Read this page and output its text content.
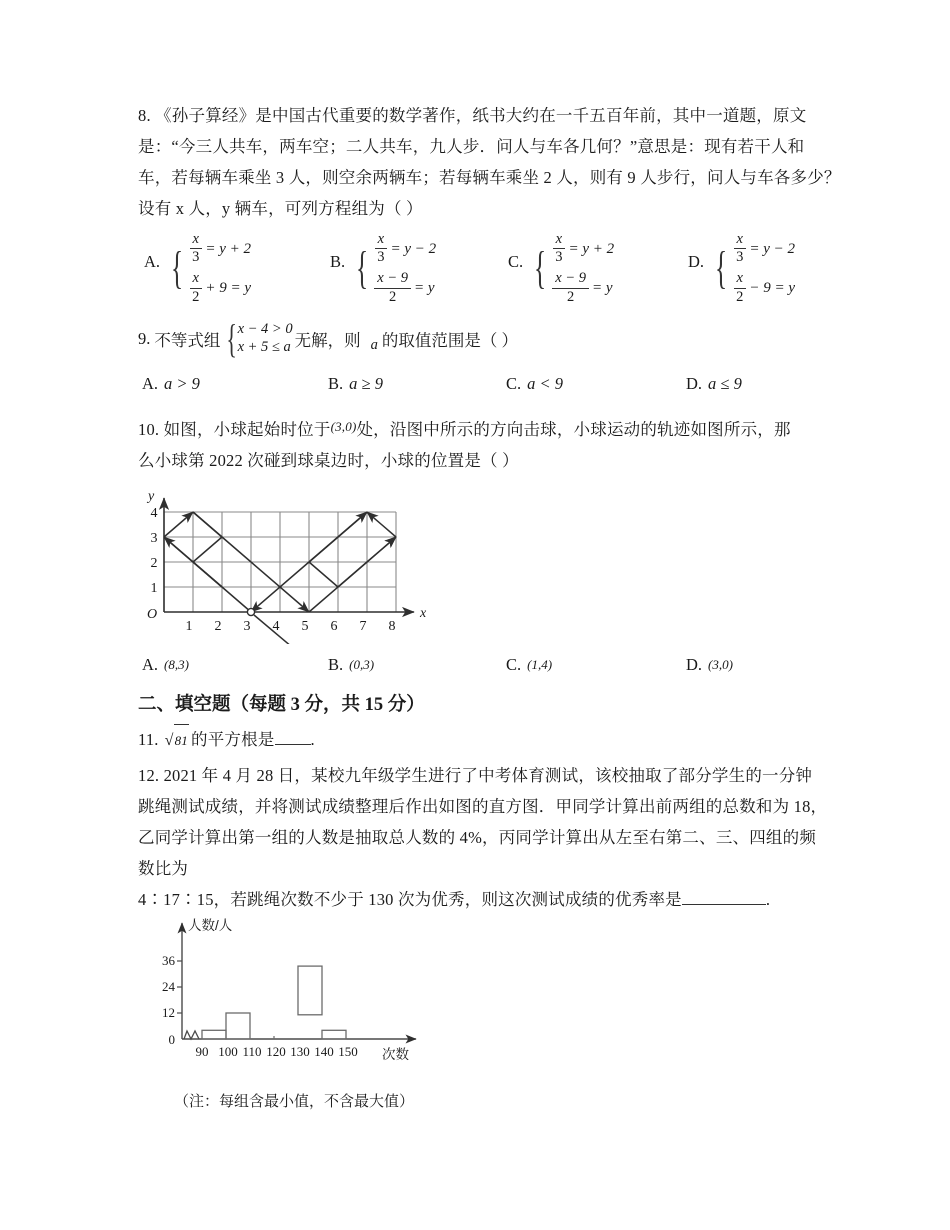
8. 《孙子算经》是中国古代重要的数学著作，纸书大约在一千五百年前，其中一道题，原文
是：“今三人共车，两车空；二人共车，九人步．问人与车各几何？”意思是：现有若干人和
车，若每辆车乘坐 3 人，则空余两辆车；若每辆车乘坐 2 人，则有 9 人步行，问人与车各多少？
设有 x 人，y 辆车，可列方程组为（ ）
A. { $\frac{x}{3} = y + 2$
$\frac{x}{2} + 9 = y$
B. { $\frac{x}{3} = y - 2$
$\frac{x - 9}{2} = y$
C. { $\frac{x}{3} = y + 2$
$\frac{x - 9}{2} = y$
D. { $\frac{x}{3} = y - 2$
$\frac{x}{2} - 9 = y$
9. 不等式组 { x − 4 > 0
x + 5 ≤ a 无解，则 a 的取值范围是（ ）
A. a > 9	B. a ≥ 9	C. a < 9	D. a ≤ 9
10. 如图，小球起始时位于$^{(3,0)}$处，沿图中所示的方向击球，小球运动的轨迹如图所示，那
么小球第 2022 次碰到球桌边时，小球的位置是（ ）
y
x
O
1 2 3 4 5 6 7 8
1
2
3
4
A. (8,3)	B. (0,3)	C. (1,4)	D. (3,0)
二、填空题（每题 3 分，共 15 分）
11. √ 81 的平方根是 .
12. 2021 年 4 月 28 日，某校九年级学生进行了中考体育测试，该校抽取了部分学生的一分钟
跳绳测试成绩，并将测试成绩整理后作出如图的直方图．甲同学计算出前两组的总数和为 18，
乙同学计算出第一组的人数是抽取总人数的 4%，丙同学计算出从左至右第二、三、四组的频
数比为
4∶17∶15，若跳绳次数不少于 130 次为优秀，则这次测试成绩的优秀率是	.
0
12
24
36
90 100 110 120 130 140 150
人数/人
次数
（注：每组含最小值，不含最大值）
